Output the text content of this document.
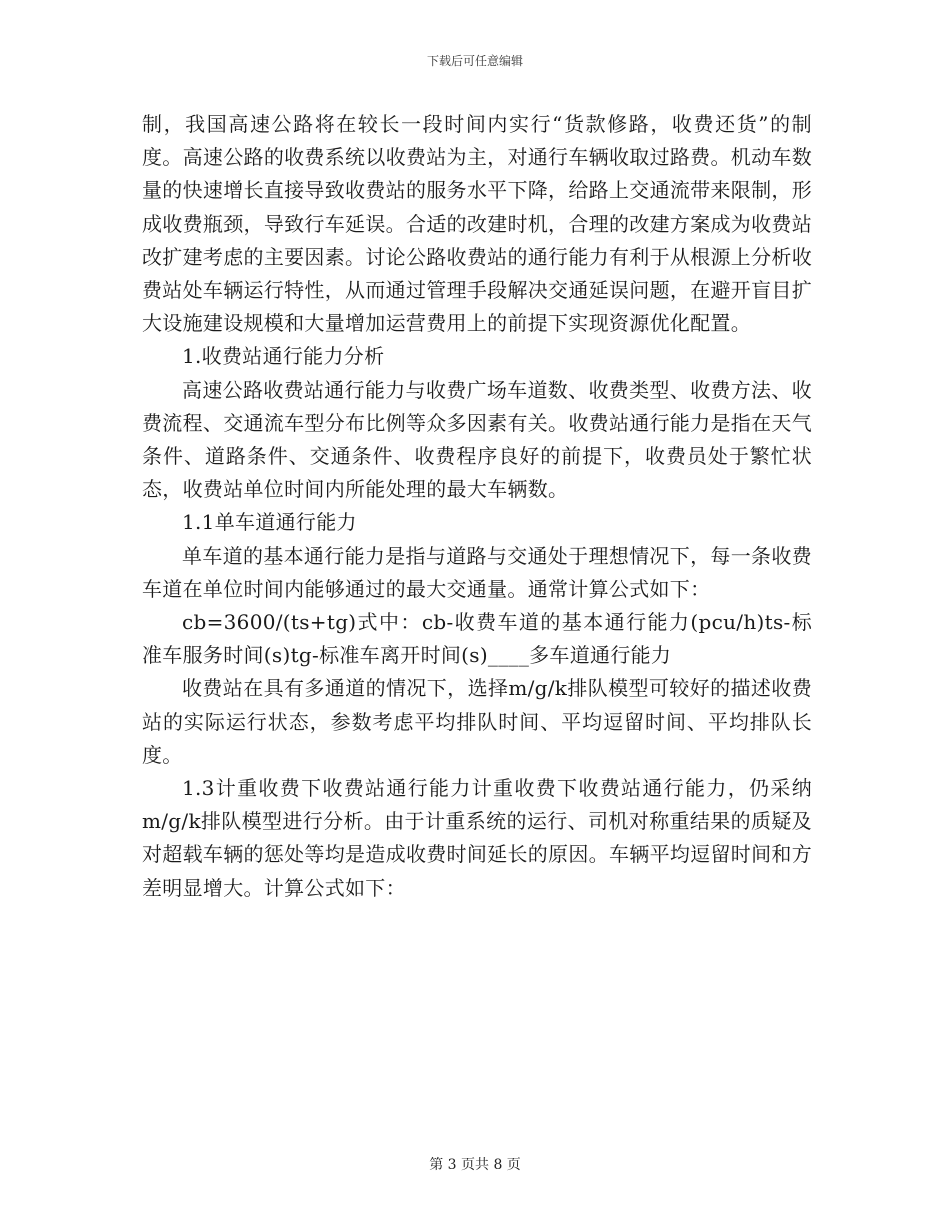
下载后可任意编辑

制，我国高速公路将在较长一段时间内实行“货款修路，收费还货”的制度。高速公路的收费系统以收费站为主，对通行车辆收取过路费。机动车数量的快速增长直接导致收费站的服务水平下降，给路上交通流带来限制，形成收费瓶颈，导致行车延误。合适的改建时机，合理的改建方案成为收费站改扩建考虑的主要因素。讨论公路收费站的通行能力有利于从根源上分析收费站处车辆运行特性，从而通过管理手段解决交通延误问题，在避开盲目扩大设施建设规模和大量增加运营费用上的前提下实现资源优化配置。

1.收费站通行能力分析

高速公路收费站通行能力与收费广场车道数、收费类型、收费方法、收费流程、交通流车型分布比例等众多因素有关。收费站通行能力是指在天气条件、道路条件、交通条件、收费程序良好的前提下，收费员处于繁忙状态，收费站单位时间内所能处理的最大车辆数。

1.1单车道通行能力

单车道的基本通行能力是指与道路与交通处于理想情况下，每一条收费车道在单位时间内能够通过的最大交通量。通常计算公式如下：

cb=3600/(ts+tg)式中：cb-收费车道的基本通行能力(pcu/h)ts-标准车服务时间(s)tg-标准车离开时间(s)____多车道通行能力

收费站在具有多通道的情况下，选择m/g/k排队模型可较好的描述收费站的实际运行状态，参数考虑平均排队时间、平均逗留时间、平均排队长度。

1.3计重收费下收费站通行能力计重收费下收费站通行能力，仍采纳m/g/k排队模型进行分析。由于计重系统的运行、司机对称重结果的质疑及对超载车辆的惩处等均是造成收费时间延长的原因。车辆平均逗留时间和方差明显增大。计算公式如下：

第 3 页共 8 页
